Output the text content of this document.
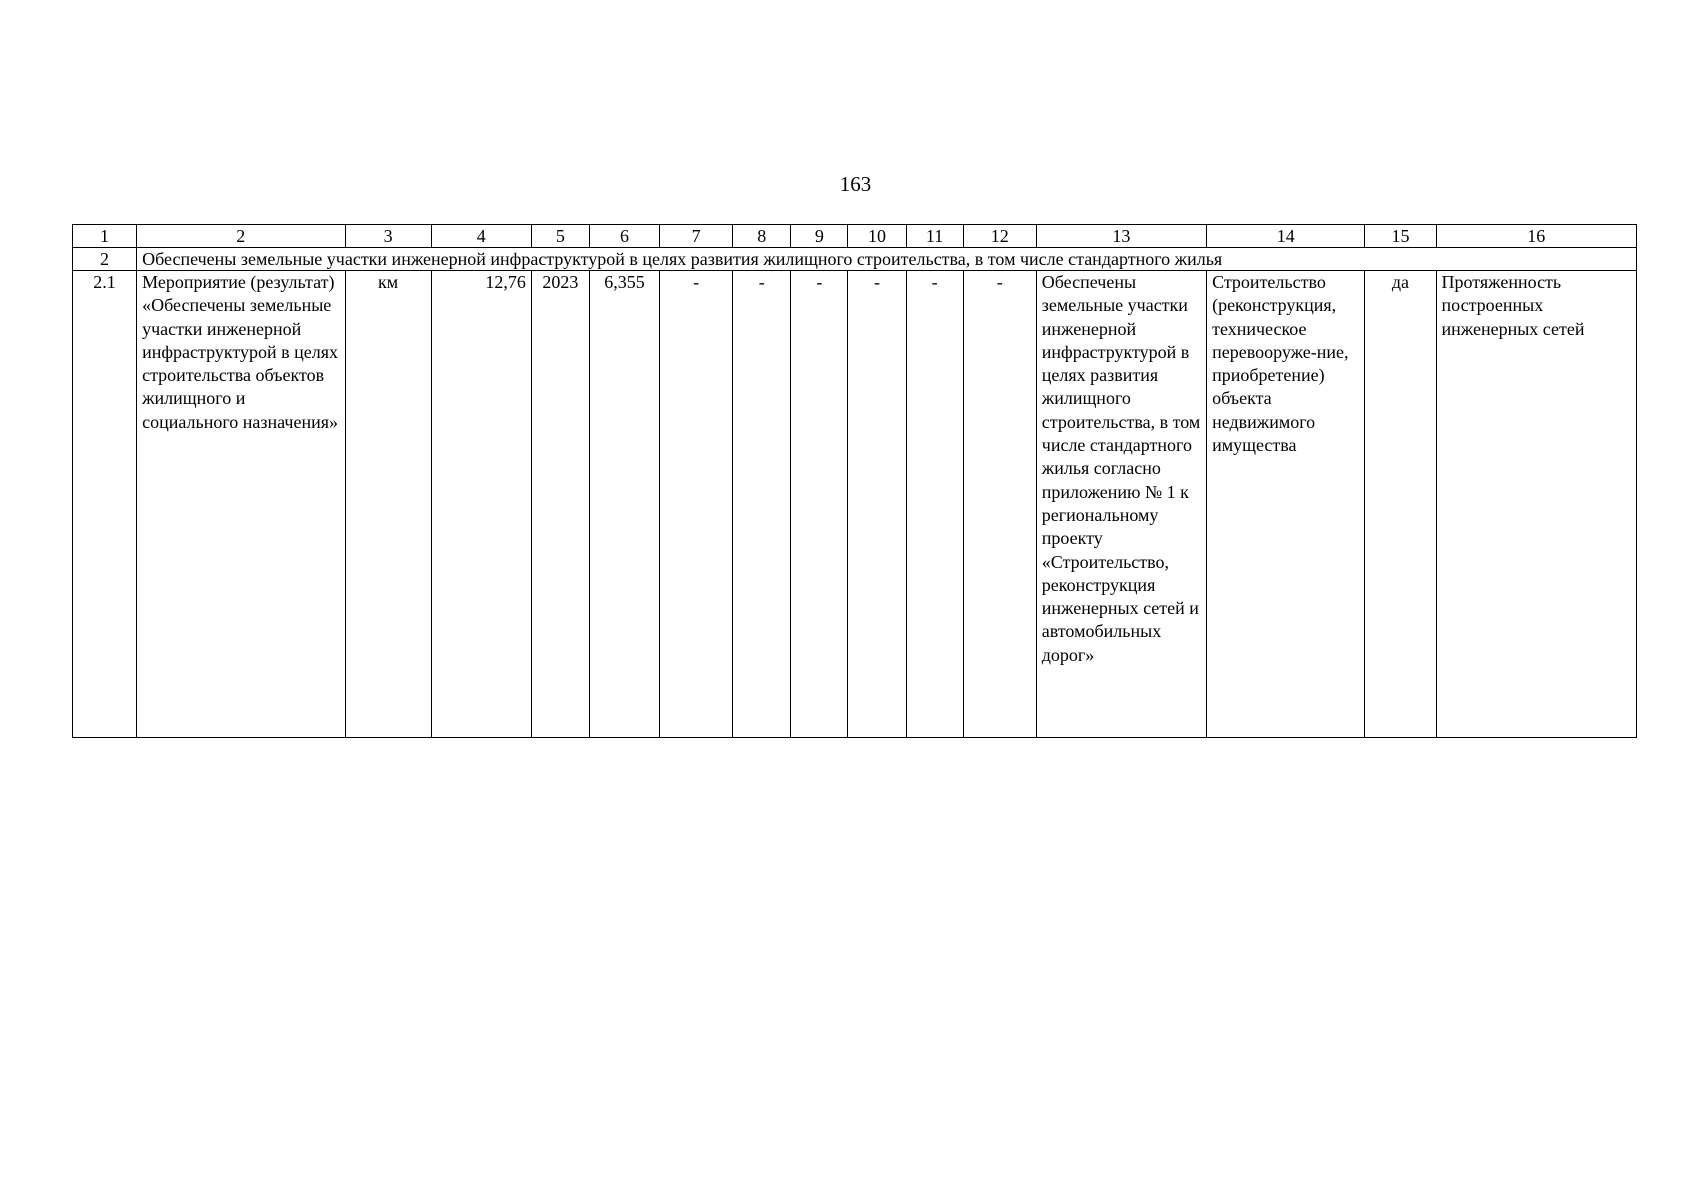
163
1	2	3	4	5	6	7	8	9	10	11	12	13	14	15	16
2	Обеспечены земельные участки инженерной инфраструктурой в целях развития жилищного строительства, в том числе стандартного жилья														
2.1	Мероприятие (результат) «Обеспечены земельные участки инженерной инфраструктурой в целях строительства объектов жилищного и социального назначения»	км	12,76	2023	6,355	-	-	-	-	-	-	Обеспечены земельные участки инженерной инфраструктурой в целях развития жилищного строительства, в том числе стандартного жилья согласно приложению № 1 к региональному проекту «Строительство, реконструкция инженерных сетей и автомобильных дорог»	Строительство (реконструкция, техническое перевооруже-ние, приобретение) объекта недвижимого имущества	да	Протяженность построенных инженерных сетей
